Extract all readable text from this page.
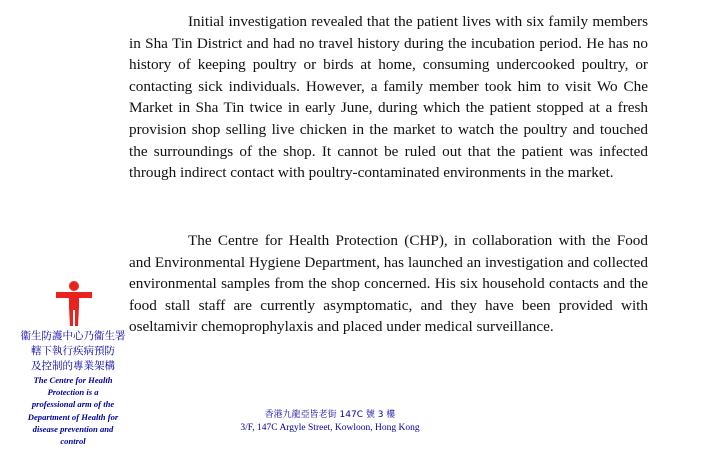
Initial investigation revealed that the patient lives with six family members in Sha Tin District and had no travel history during the incubation period. He has no history of keeping poultry or birds at home, consuming undercooked poultry, or contacting sick individuals. However, a family member took him to visit Wo Che Market in Sha Tin twice in early June, during which the patient stopped at a fresh provision shop selling live chicken in the market to watch the poultry and touched the surroundings of the shop. It cannot be ruled out that the patient was infected through indirect contact with poultry-contaminated environments in the market.

The Centre for Health Protection (CHP), in collaboration with the Food and Environmental Hygiene Department, has launched an investigation and collected environmental samples from the shop concerned. His six household contacts and the food stall staff are currently asymptomatic, and they have been provided with oseltamivir chemoprophylaxis and placed under medical surveillance.

衞生防護中心乃衞生署
轄下執行疾病預防
及控制的專業架構
The Centre for Health
Protection is a
professional arm of the
Department of Health for
disease prevention and
control
香港九龍亞皆老街 147C 號 3 樓
3/F, 147C Argyle Street, Kowloon, Hong Kong
